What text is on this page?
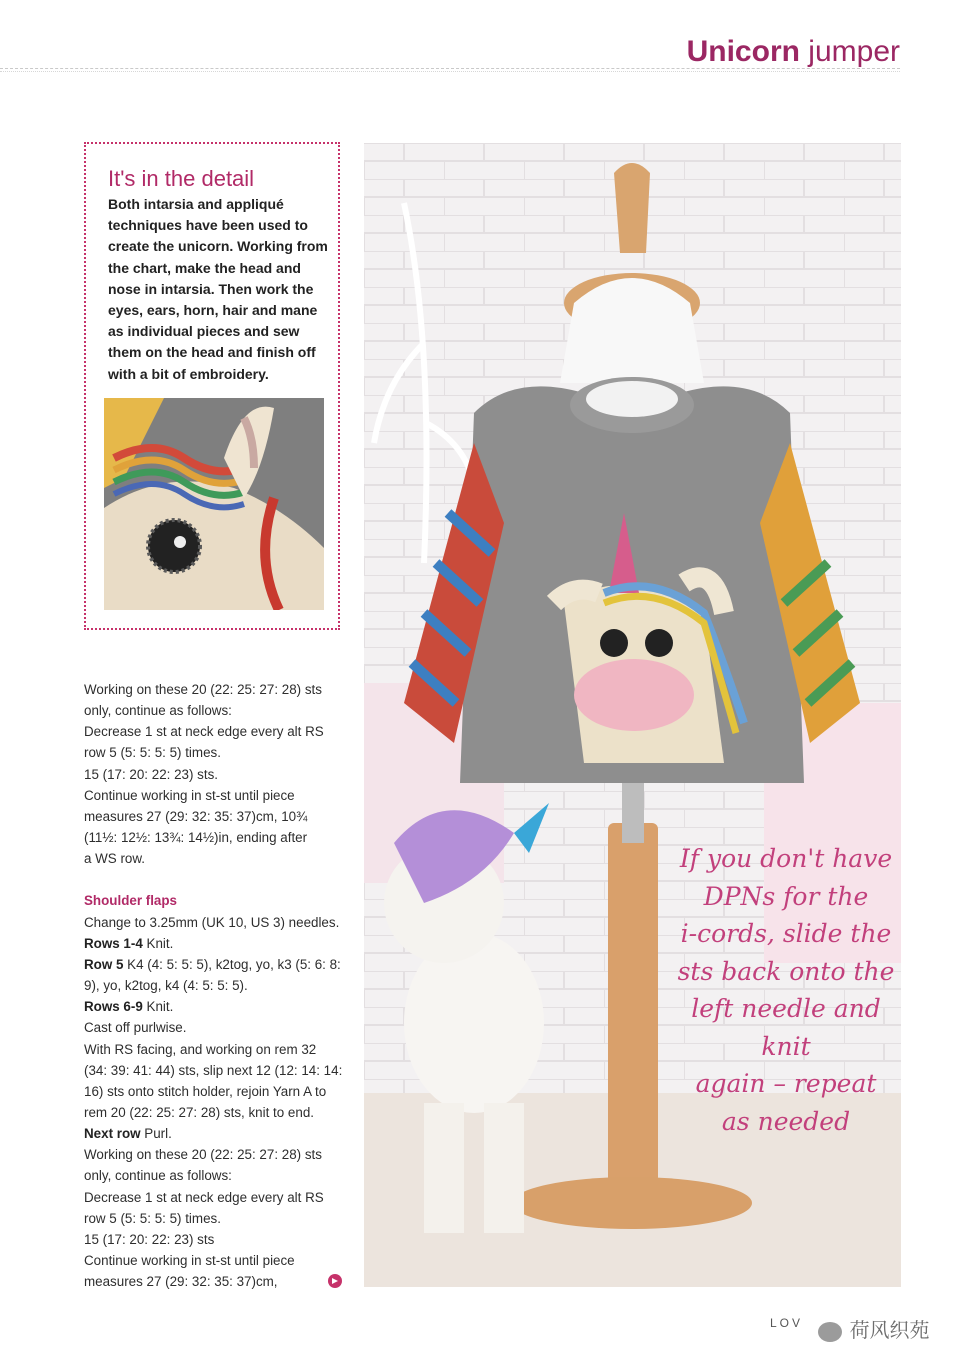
Unicorn jumper
It's in the detail
Both intarsia and appliqué techniques have been used to create the unicorn. Working from the chart, make the head and nose in intarsia. Then work the eyes, ears, horn, hair and mane as individual pieces and sew them on the head and finish off with a bit of embroidery.

Working on these 20 (22: 25: 27: 28) sts

only, continue as follows:

Decrease 1 st at neck edge every alt RS

row 5 (5: 5: 5: 5) times.

15 (17: 20: 22: 23) sts.

Continue working in st-st until piece

measures 27 (29: 32: 35: 37)cm, 10¾

(11½: 12½: 13¾: 14½)in, ending after

a WS row.

Shoulder flaps

Change to 3.25mm (UK 10, US 3) needles.

Rows 1-4 Knit.

Row 5 K4 (4: 5: 5: 5), k2tog, yo, k3 (5: 6: 8:

9), yo, k2tog, k4 (4: 5: 5: 5).

Rows 6-9 Knit.

Cast off purlwise.

With RS facing, and working on rem 32

(34: 39: 41: 44) sts, slip next 12 (12: 14: 14:

16) sts onto stitch holder, rejoin Yarn A to

rem 20 (22: 25: 27: 28) sts, knit to end.

Next row Purl.

Working on these 20 (22: 25: 27: 28) sts

only, continue as follows:

Decrease 1 st at neck edge every alt RS

row 5 (5: 5: 5: 5) times.

15 (17: 20: 22: 23) sts

Continue working in st-st until piece

measures 27 (29: 32: 35: 37)cm,

If you don't have
DPNs for the
i-cords, slide the
sts back onto the
left needle and knit
again – repeat
as needed
LOV	荷风织苑
